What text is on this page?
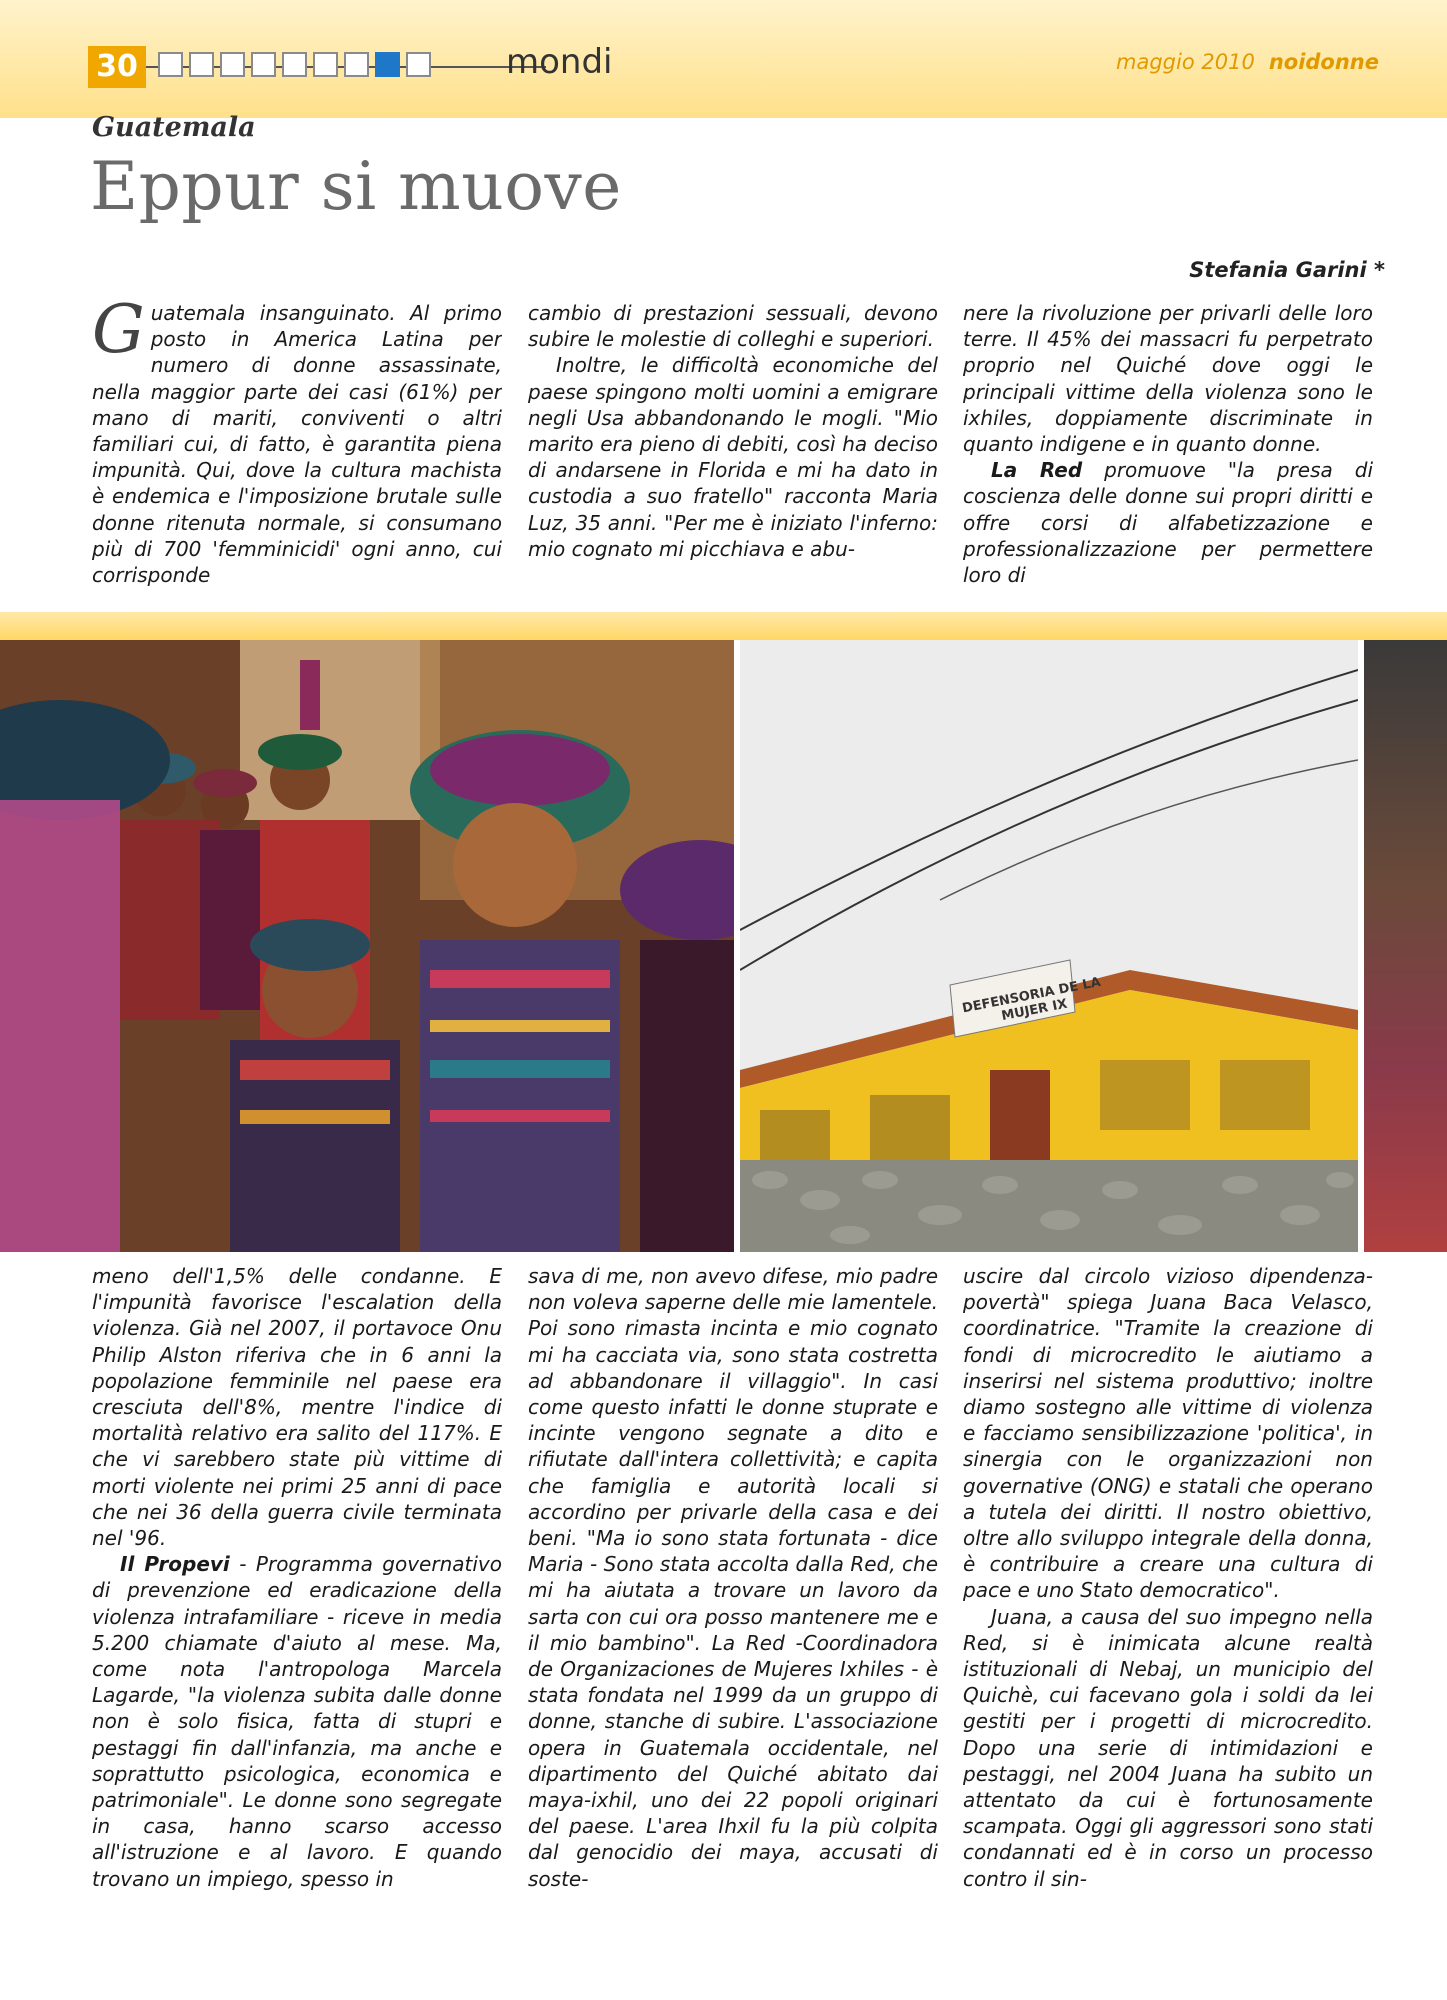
30	mondi	maggio 2010 noidonne
Guatemala
Eppur si muove
Stefania Garini *

Guatemala insanguinato. Al primo posto in America Latina per numero di donne assassinate, nella maggior parte dei casi (61%) per mano di mariti, conviventi o altri familiari cui, di fatto, è garantita piena impunità. Qui, dove la cultura machista è endemica e l'imposizione brutale sulle donne ritenuta normale, si consumano più di 700 'femminicidi' ogni anno, cui corrisponde

cambio di prestazioni sessuali, devono subire le molestie di colleghi e superiori.

Inoltre, le difficoltà economiche del paese spingono molti uomini a emigrare negli Usa abbandonando le mogli. "Mio marito era pieno di debiti, così ha deciso di andarsene in Florida e mi ha dato in custodia a suo fratello" racconta Maria Luz, 35 anni. "Per me è iniziato l'inferno: mio cognato mi picchiava e abu-

nere la rivoluzione per privarli delle loro terre. Il 45% dei massacri fu perpetrato proprio nel Quiché dove oggi le principali vittime della violenza sono le ixhiles, doppiamente discriminate in quanto indigene e in quanto donne.

La Red promuove "la presa di coscienza delle donne sui propri diritti e offre corsi di alfabetizzazione e professionalizzazione per permettere loro di

DEFENSORIA DE LA MUJER IX

meno dell'1,5% delle condanne. E l'impunità favorisce l'escalation della violenza. Già nel 2007, il portavoce Onu Philip Alston riferiva che in 6 anni la popolazione femminile nel paese era cresciuta dell'8%, mentre l'indice di mortalità relativo era salito del 117%. E che vi sarebbero state più vittime di morti violente nei primi 25 anni di pace che nei 36 della guerra civile terminata nel '96.

Il Propevi - Programma governativo di prevenzione ed eradicazione della violenza intrafamiliare - riceve in media 5.200 chiamate d'aiuto al mese. Ma, come nota l'antropologa Marcela Lagarde, "la violenza subita dalle donne non è solo fisica, fatta di stupri e pestaggi fin dall'infanzia, ma anche e soprattutto psicologica, economica e patrimoniale". Le donne sono segregate in casa, hanno scarso accesso all'istruzione e al lavoro. E quando trovano un impiego, spesso in

sava di me, non avevo difese, mio padre non voleva saperne delle mie lamentele. Poi sono rimasta incinta e mio cognato mi ha cacciata via, sono stata costretta ad abbandonare il villaggio". In casi come questo infatti le donne stuprate e incinte vengono segnate a dito e rifiutate dall'intera collettività; e capita che famiglia e autorità locali si accordino per privarle della casa e dei beni. "Ma io sono stata fortunata - dice Maria - Sono stata accolta dalla Red, che mi ha aiutata a trovare un lavoro da sarta con cui ora posso mantenere me e il mio bambino". La Red -Coordinadora de Organizaciones de Mujeres Ixhiles - è stata fondata nel 1999 da un gruppo di donne, stanche di subire. L'associazione opera in Guatemala occidentale, nel dipartimento del Quiché abitato dai maya-ixhil, uno dei 22 popoli originari del paese. L'area Ihxil fu la più colpita dal genocidio dei maya, accusati di soste-

uscire dal circolo vizioso dipendenza-povertà" spiega Juana Baca Velasco, coordinatrice. "Tramite la creazione di fondi di microcredito le aiutiamo a inserirsi nel sistema produttivo; inoltre diamo sostegno alle vittime di violenza e facciamo sensibilizzazione 'politica', in sinergia con le organizzazioni non governative (ONG) e statali che operano a tutela dei diritti. Il nostro obiettivo, oltre allo sviluppo integrale della donna, è contribuire a creare una cultura di pace e uno Stato democratico".

Juana, a causa del suo impegno nella Red, si è inimicata alcune realtà istituzionali di Nebaj, un municipio del Quichè, cui facevano gola i soldi da lei gestiti per i progetti di microcredito. Dopo una serie di intimidazioni e pestaggi, nel 2004 Juana ha subito un attentato da cui è fortunosamente scampata. Oggi gli aggressori sono stati condannati ed è in corso un processo contro il sin-
